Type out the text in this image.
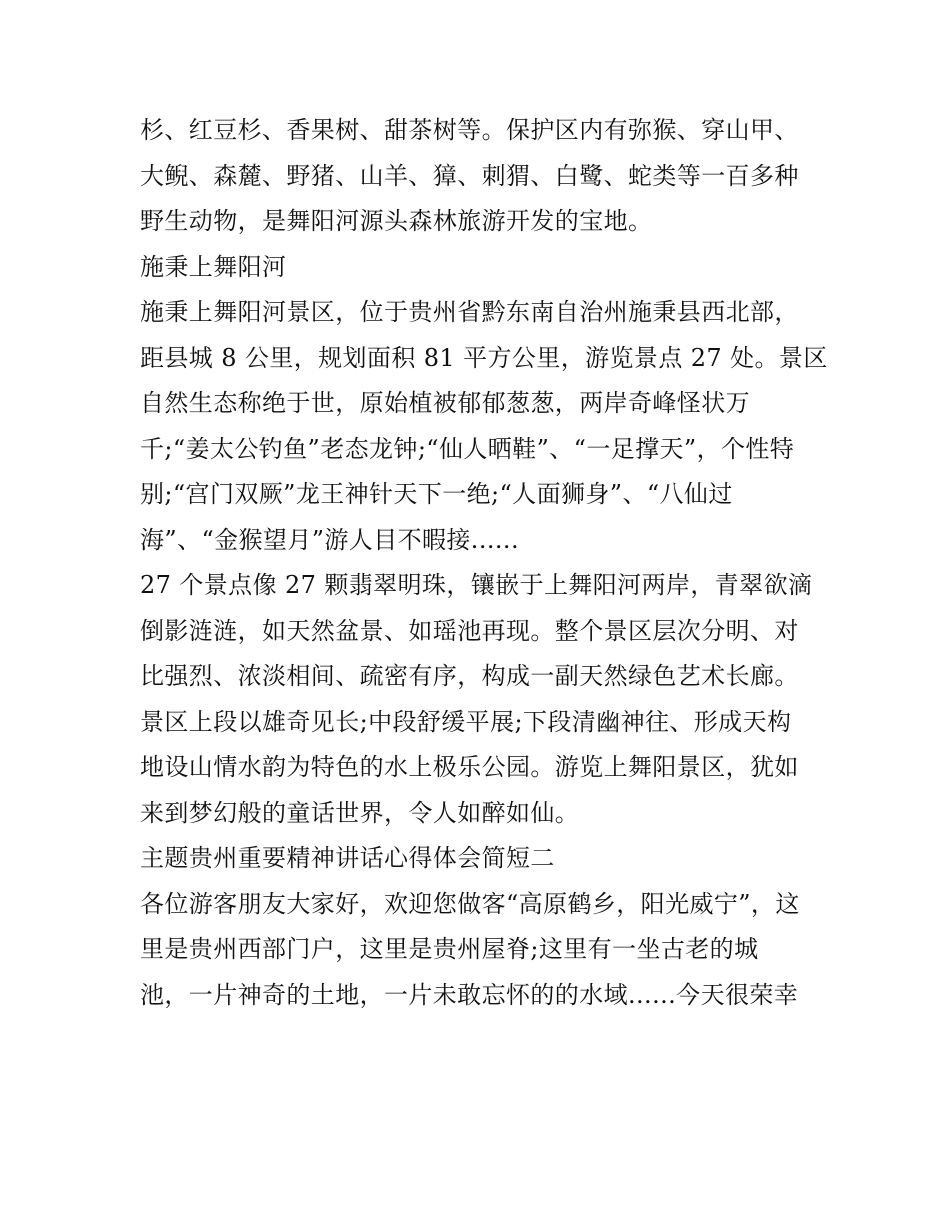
杉、红豆杉、香果树、甜茶树等。保护区内有弥猴、穿山甲、
大鲵、森麓、野猪、山羊、獐、刺猬、白鹭、蛇类等一百多种
野生动物，是舞阳河源头森林旅游开发的宝地。
施秉上舞阳河
施秉上舞阳河景区，位于贵州省黔东南自治州施秉县西北部，
距县城 8 公里，规划面积 81 平方公里，游览景点 27 处。景区
自然生态称绝于世，原始植被郁郁葱葱，两岸奇峰怪状万
千;“姜太公钓鱼”老态龙钟;“仙人晒鞋”、“一足撑天”，个性特
别;“宫门双厥”龙王神针天下一绝;“人面狮身”、“八仙过
海”、“金猴望月”游人目不暇接......
27 个景点像 27 颗翡翠明珠，镶嵌于上舞阳河两岸，青翠欲滴
倒影涟涟，如天然盆景、如瑶池再现。整个景区层次分明、对
比强烈、浓淡相间、疏密有序，构成一副天然绿色艺术长廊。
景区上段以雄奇见长;中段舒缓平展;下段清幽神往、形成天构
地设山情水韵为特色的水上极乐公园。游览上舞阳景区，犹如
来到梦幻般的童话世界，令人如醉如仙。
主题贵州重要精神讲话心得体会简短二
各位游客朋友大家好，欢迎您做客“高原鹤乡，阳光威宁”，这
里是贵州西部门户，这里是贵州屋脊;这里有一坐古老的城
池，一片神奇的土地，一片未敢忘怀的的水域......今天很荣幸
